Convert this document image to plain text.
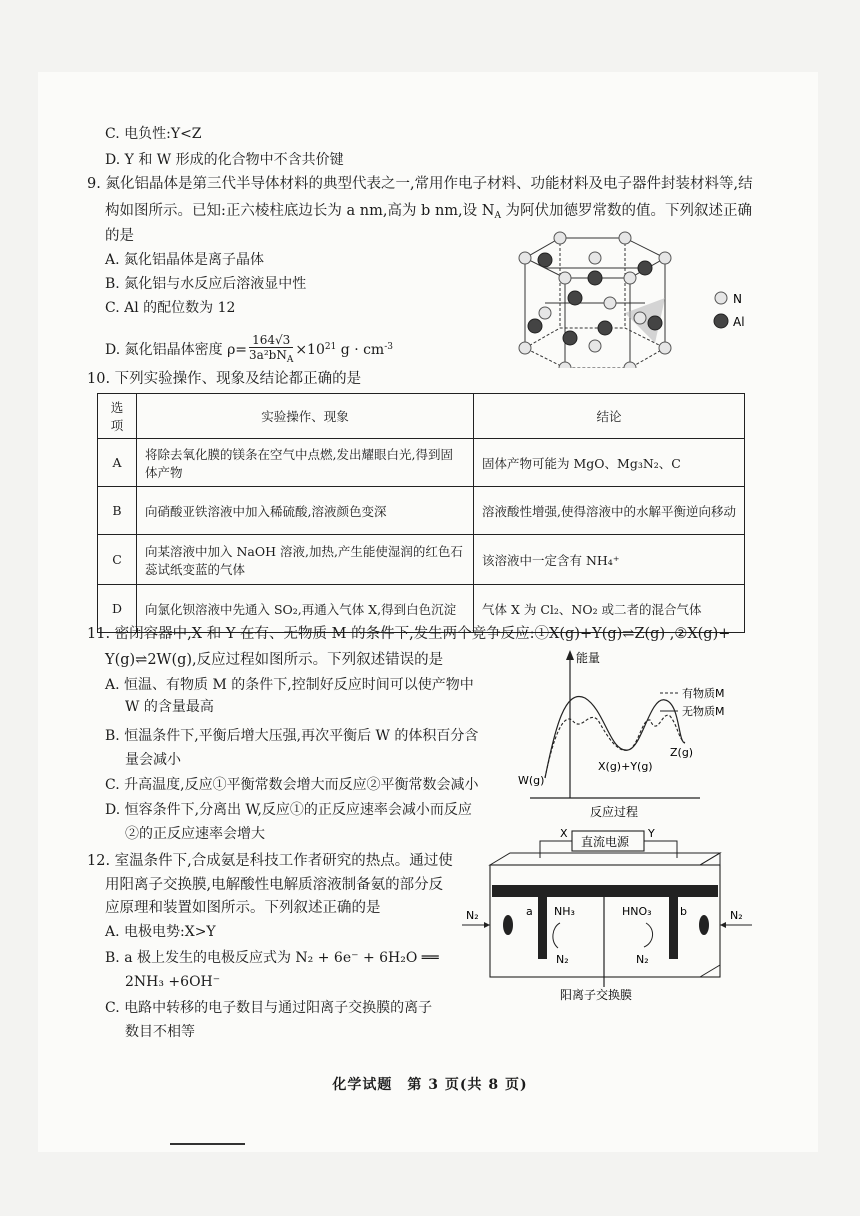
C. 电负性:Y<Z
D. Y 和 W 形成的化合物中不含共价键
9. 氮化铝晶体是第三代半导体材料的典型代表之一,常用作电子材料、功能材料及电子器件封装材料等,结
构如图所示。已知:正六棱柱底边长为 a nm,高为 b nm,设 $N_A$ 为阿伏加德罗常数的值。下列叙述正确
的是
A. 氮化铝晶体是离子晶体
B. 氮化铝与水反应后溶液显中性
C. Al 的配位数为 12
D. 氮化铝晶体密度 ρ=
164√3
$3a^2bN_A$
$\times 10^{21}$ $g \cdot cm^{-3}$
N
Al
10. 下列实验操作、现象及结论都正确的是
选项	实验操作、现象	结论
A	将除去氧化膜的镁条在空气中点燃,发出耀眼白光,得到固体产物	固体产物可能为 MgO、Mg₃N₂、C
B	向硝酸亚铁溶液中加入稀硫酸,溶液颜色变深	溶液酸性增强,使得溶液中的水解平衡逆向移动
C	向某溶液中加入 NaOH 溶液,加热,产生能使湿润的红色石蕊试纸变蓝的气体	该溶液中一定含有 NH₄⁺
D	向氯化钡溶液中先通入 SO₂,再通入气体 X,得到白色沉淀	气体 X 为 Cl₂、NO₂ 或二者的混合气体
11. 密闭容器中,X 和 Y 在有、无物质 M 的条件下,发生两个竞争反应:①X(g)+Y(g)⇌Z(g) ,②X(g)+
Y(g)⇌2W(g),反应过程如图所示。下列叙述错误的是
A. 恒温、有物质 M 的条件下,控制好反应时间可以使产物中
W 的含量最高
B. 恒温条件下,平衡后增大压强,再次平衡后 W 的体积百分含
量会减小
C. 升高温度,反应①平衡常数会增大而反应②平衡常数会减小
D. 恒容条件下,分离出 W,反应①的正反应速率会减小而反应
②的正反应速率会增大
能量
有物质M
无物质M
W(g)
X(g)+Y(g)
Z(g)
反应过程
12. 室温条件下,合成氨是科技工作者研究的热点。通过使
用阳离子交换膜,电解酸性电解质溶液制备氨的部分反
应原理和装置如图所示。下列叙述正确的是
A. 电极电势:X>Y
B. a 极上发生的电极反应式为 N₂ + 6e⁻ + 6H₂O ══
2NH₃ +6OH⁻
C. 电路中转移的电子数目与通过阳离子交换膜的离子
数目不相等
直流电源
X	Y
a	b
NH₃	HNO₃
N₂	N₂
N₂	N₂
阳离子交换膜
化学试题　第 3 页(共 8 页)
